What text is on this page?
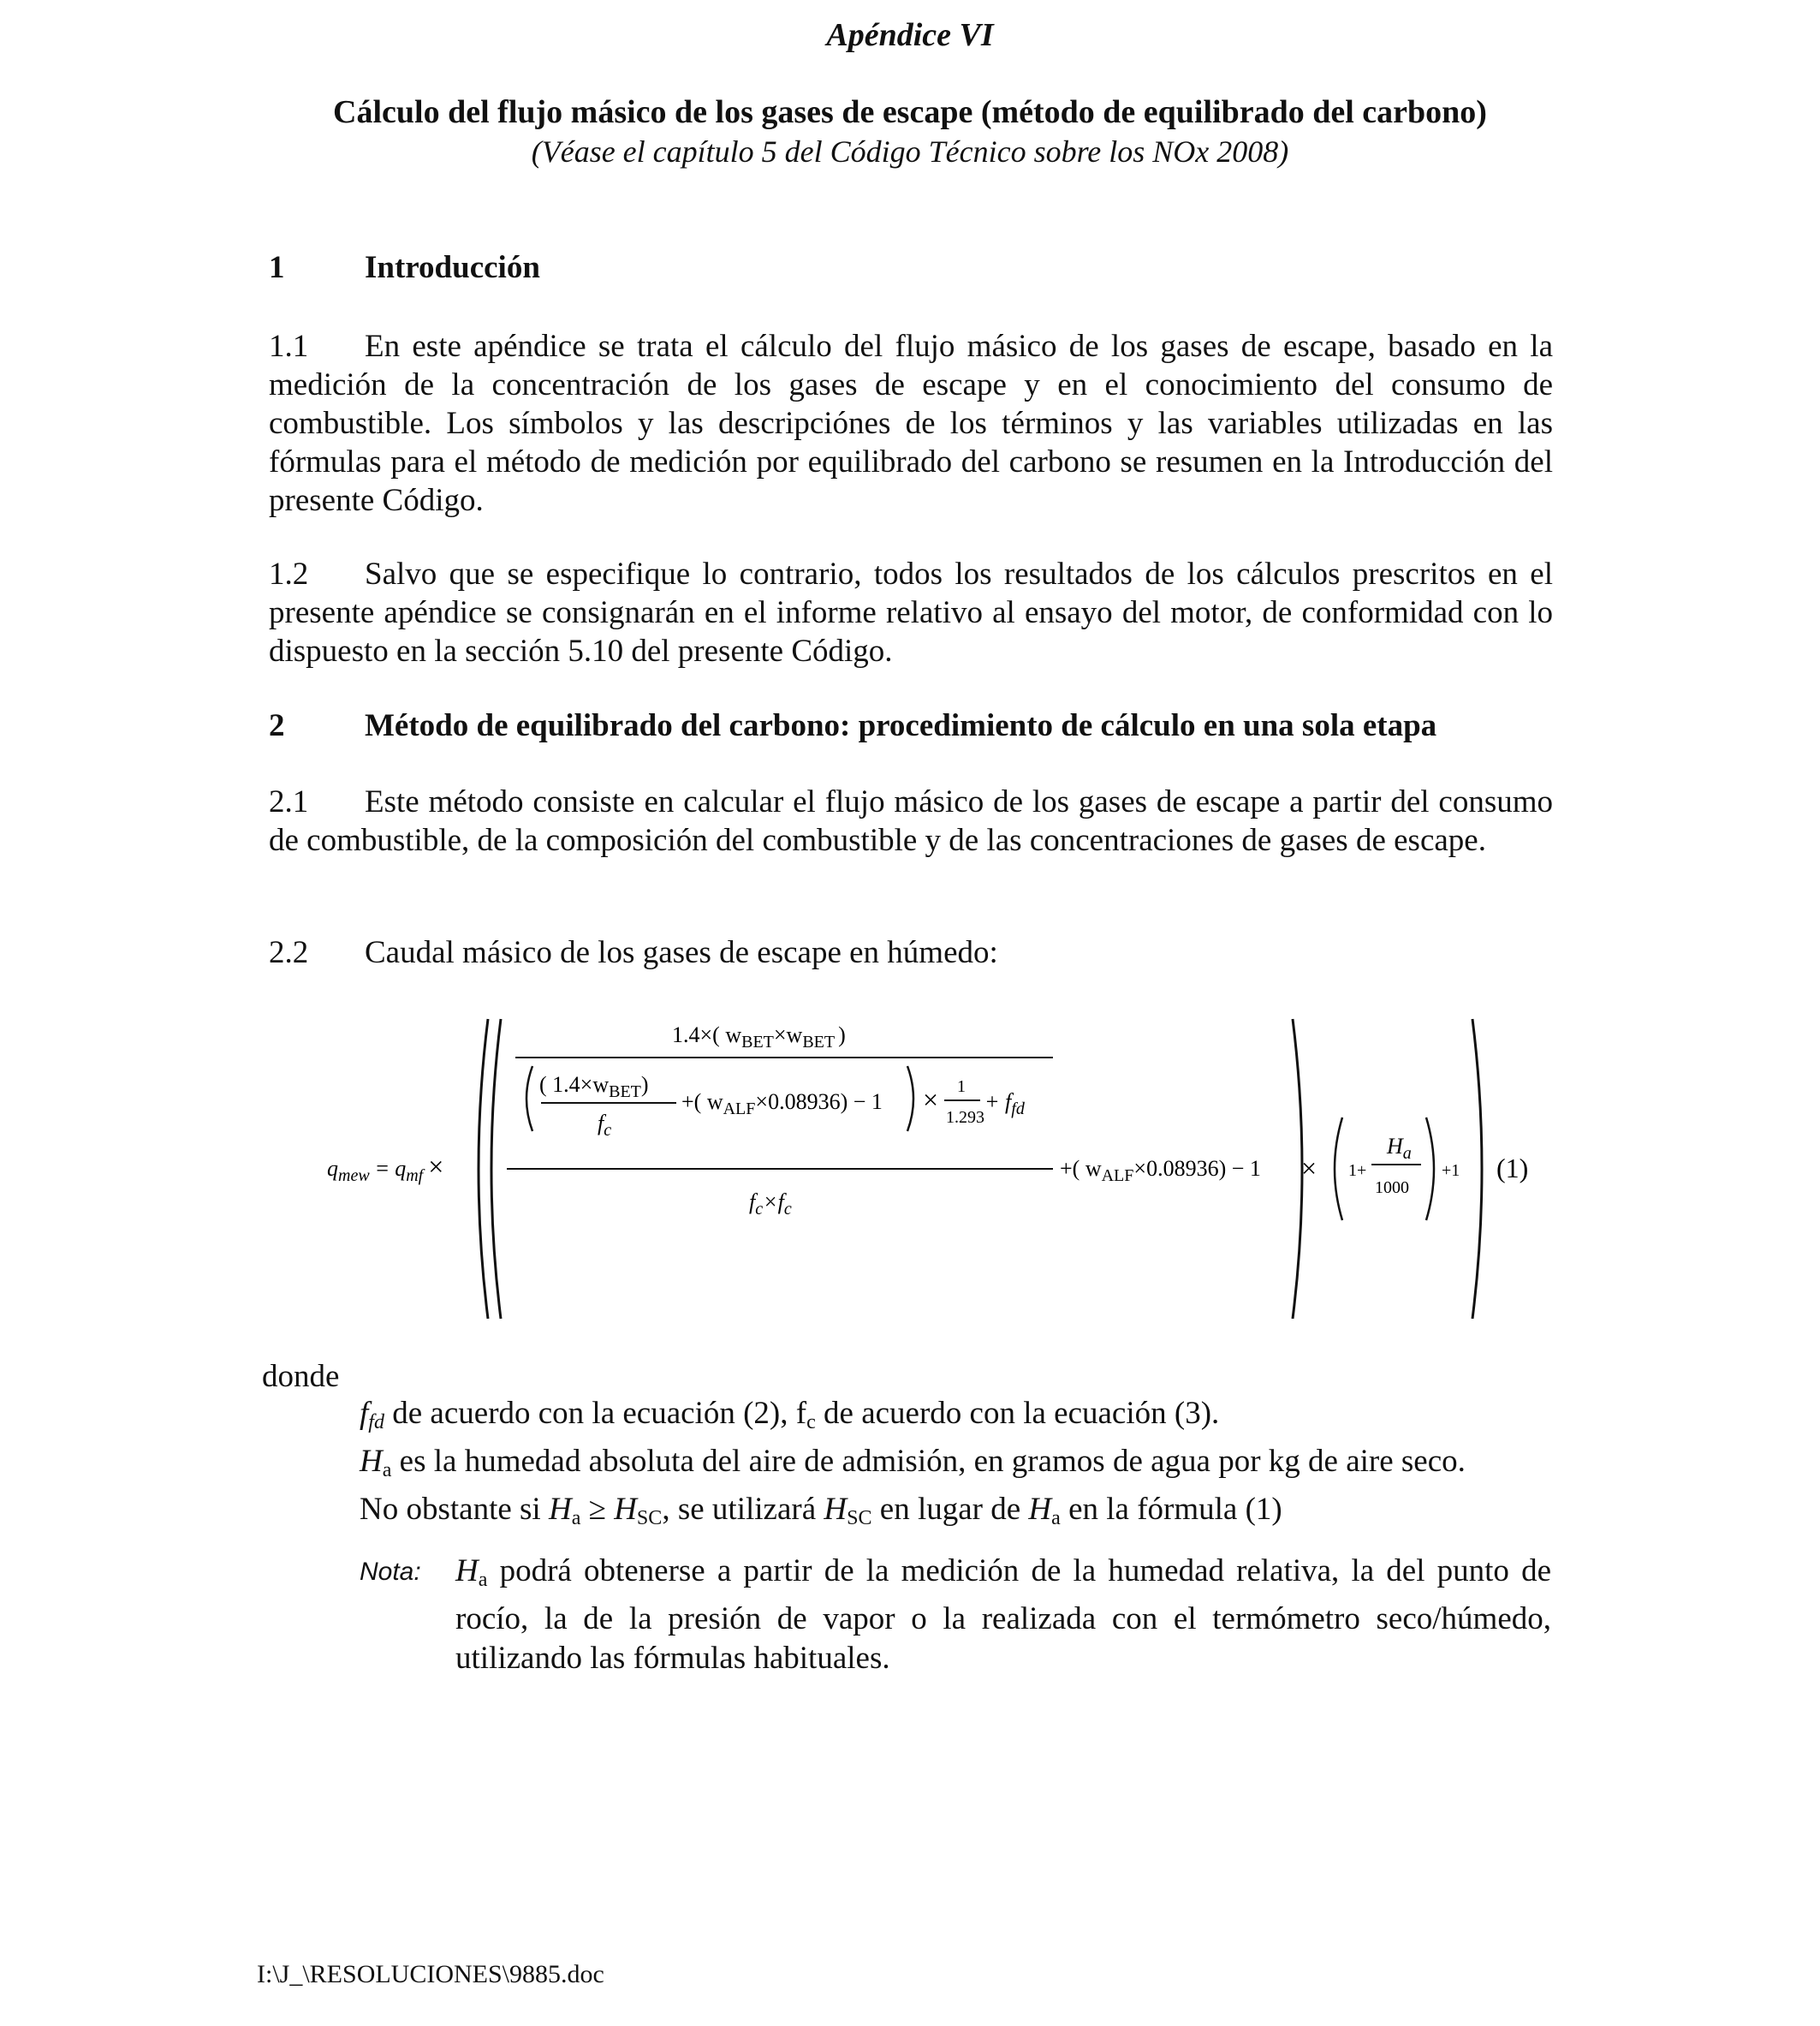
Apéndice VI

Cálculo del flujo másico de los gases de escape (método de equilibrado del carbono)

(Véase el capítulo 5 del Código Técnico sobre los NOx 2008)

1	Introducción

1.1 En este apéndice se trata el cálculo del flujo másico de los gases de escape, basado en la medición de la concentración de los gases de escape y en el conocimiento del consumo de combustible. Los símbolos y las descripciónes de los términos y las variables utilizadas en las fórmulas para el método de medición por equilibrado del carbono se resumen en la Introducción del presente Código.

1.2 Salvo que se especifique lo contrario, todos los resultados de los cálculos prescritos en el presente apéndice se consignarán en el informe relativo al ensayo del motor, de conformidad con lo dispuesto en la sección 5.10 del presente Código.

2	Método de equilibrado del carbono: procedimiento de cálculo en una sola etapa

2.1 Este método consiste en calcular el flujo másico de los gases de escape a partir del consumo de combustible, de la composición del combustible y de las concentraciones de gases de escape.

2.2 Caudal másico de los gases de escape en húmedo:

$q_{mew} = q_{mf}$ ×
1.4×( $w_{BET}\times w_{BET}$ )
( $1.4\times w_{BET}$)
$f_c$
+( $w_{ALF}\times 0.08936) - 1 \times 1$
1.293
+ $f_{fd}$
$f_c\times f_c$
+( $w_{ALF}\times 0.08936) - 1 \times 1+$
$H_a$
1000
+1 (1)

donde

$f_{fd}$ de acuerdo con la ecuación (2), $f_c$ de acuerdo con la ecuación (3).
$H_a$ es la humedad absoluta del aire de admisión, en gramos de agua por kg de aire seco.
No obstante si $H_a \ge H_{SC}$, se utilizará $H_{SC}$ en lugar de $H_a$ en la fórmula (1)
Nota: $H_a$ podrá obtenerse a partir de la medición de la humedad relativa, la del punto de rocío, la de la presión de vapor o la realizada con el termómetro seco/húmedo, utilizando las fórmulas habituales.

I:\J_\RESOLUCIONES\9885.doc
